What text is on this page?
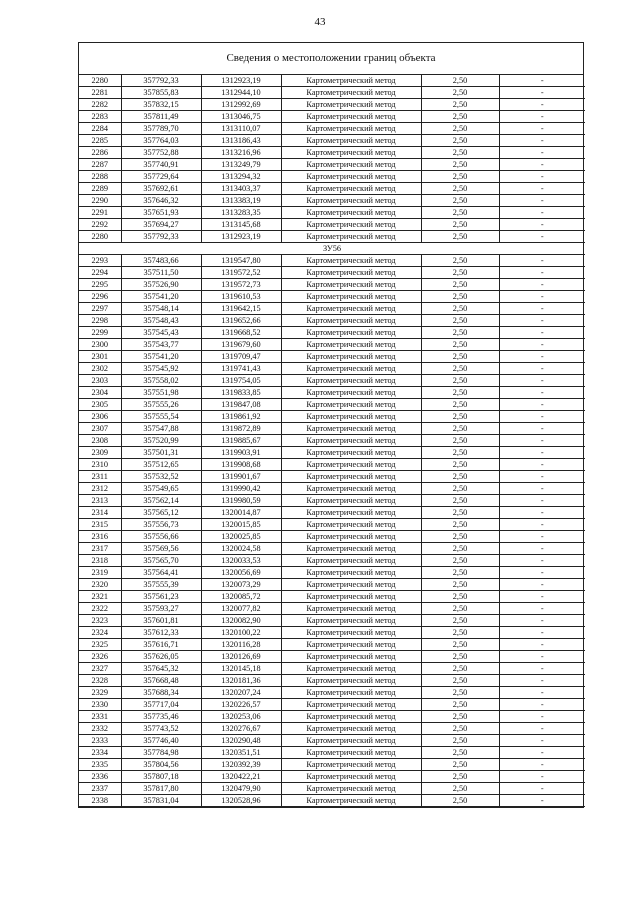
43
Сведения о местоположении границ объекта
2280	357792,33	1312923,19	Картометрический метод	2,50	-
2281	357855,83	1312944,10	Картометрический метод	2,50	-
2282	357832,15	1312992,69	Картометрический метод	2,50	-
2283	357811,49	1313046,75	Картометрический метод	2,50	-
2284	357789,70	1313110,07	Картометрический метод	2,50	-
2285	357764,03	1313186,43	Картометрический метод	2,50	-
2286	357752,88	1313216,96	Картометрический метод	2,50	-
2287	357740,91	1313249,79	Картометрический метод	2,50	-
2288	357729,64	1313294,32	Картометрический метод	2,50	-
2289	357692,61	1313403,37	Картометрический метод	2,50	-
2290	357646,32	1313383,19	Картометрический метод	2,50	-
2291	357651,93	1313283,35	Картометрический метод	2,50	-
2292	357694,27	1313145,68	Картометрический метод	2,50	-
2280	357792,33	1312923,19	Картометрический метод	2,50	-
ЗУ56					
2293	357483,66	1319547,80	Картометрический метод	2,50	-
2294	357511,50	1319572,52	Картометрический метод	2,50	-
2295	357526,90	1319572,73	Картометрический метод	2,50	-
2296	357541,20	1319610,53	Картометрический метод	2,50	-
2297	357548,14	1319642,15	Картометрический метод	2,50	-
2298	357548,43	1319652,66	Картометрический метод	2,50	-
2299	357545,43	1319668,52	Картометрический метод	2,50	-
2300	357543,77	1319679,60	Картометрический метод	2,50	-
2301	357541,20	1319709,47	Картометрический метод	2,50	-
2302	357545,92	1319741,43	Картометрический метод	2,50	-
2303	357558,02	1319754,05	Картометрический метод	2,50	-
2304	357551,98	1319833,85	Картометрический метод	2,50	-
2305	357555,26	1319847,08	Картометрический метод	2,50	-
2306	357555,54	1319861,92	Картометрический метод	2,50	-
2307	357547,88	1319872,89	Картометрический метод	2,50	-
2308	357520,99	1319885,67	Картометрический метод	2,50	-
2309	357501,31	1319903,91	Картометрический метод	2,50	-
2310	357512,65	1319908,68	Картометрический метод	2,50	-
2311	357532,52	1319901,67	Картометрический метод	2,50	-
2312	357549,65	1319990,42	Картометрический метод	2,50	-
2313	357562,14	1319980,59	Картометрический метод	2,50	-
2314	357565,12	1320014,87	Картометрический метод	2,50	-
2315	357556,73	1320015,85	Картометрический метод	2,50	-
2316	357556,66	1320025,85	Картометрический метод	2,50	-
2317	357569,56	1320024,58	Картометрический метод	2,50	-
2318	357565,70	1320033,53	Картометрический метод	2,50	-
2319	357564,41	1320056,69	Картометрический метод	2,50	-
2320	357555,39	1320073,29	Картометрический метод	2,50	-
2321	357561,23	1320085,72	Картометрический метод	2,50	-
2322	357593,27	1320077,82	Картометрический метод	2,50	-
2323	357601,81	1320082,90	Картометрический метод	2,50	-
2324	357612,33	1320100,22	Картометрический метод	2,50	-
2325	357616,71	1320116,28	Картометрический метод	2,50	-
2326	357626,05	1320126,69	Картометрический метод	2,50	-
2327	357645,32	1320145,18	Картометрический метод	2,50	-
2328	357668,48	1320181,36	Картометрический метод	2,50	-
2329	357688,34	1320207,24	Картометрический метод	2,50	-
2330	357717,04	1320226,57	Картометрический метод	2,50	-
2331	357735,46	1320253,06	Картометрический метод	2,50	-
2332	357743,52	1320276,67	Картометрический метод	2,50	-
2333	357746,40	1320290,48	Картометрический метод	2,50	-
2334	357784,98	1320351,51	Картометрический метод	2,50	-
2335	357804,56	1320392,39	Картометрический метод	2,50	-
2336	357807,18	1320422,21	Картометрический метод	2,50	-
2337	357817,80	1320479,90	Картометрический метод	2,50	-
2338	357831,04	1320528,96	Картометрический метод	2,50	-
